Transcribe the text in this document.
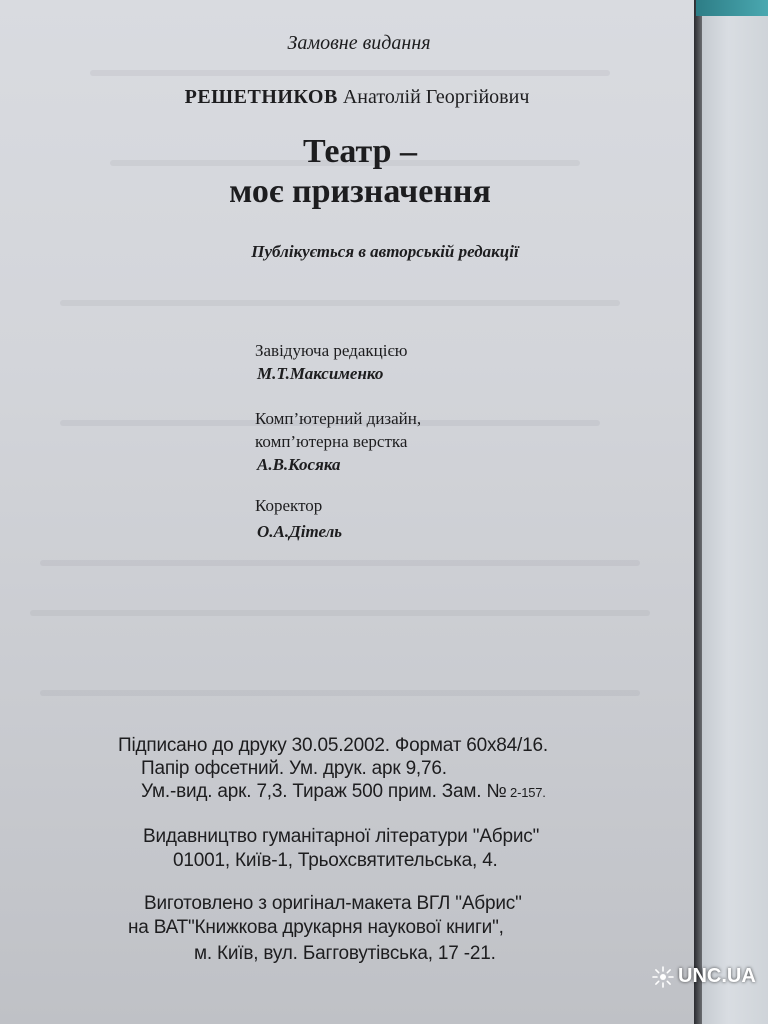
Замовне видання
РЕШЕТНИКОВ Анатолій Георгійович
Театр –
моє призначення
Публікується в авторській редакції
Завідуюча редакцією
М.Т.Максименко
Комп’ютерний дизайн,
комп’ютерна верстка
А.В.Косяка
Коректор
О.А.Дітель
Підписано до друку 30.05.2002. Формат 60х84/16.
Папір офсетний. Ум. друк. арк 9,76.
Ум.-вид. арк. 7,3. Тираж 500 прим. Зам. № 2-157.
Видавництво гуманітарної літератури "Абрис"
01001, Київ-1, Трьохсвятительська, 4.
Виготовлено з оригінал-макета ВГЛ "Абрис"
на ВАТ"Книжкова друкарня наукової книги",
м. Київ, вул. Багговутівська, 17 -21.
UNC.UA
